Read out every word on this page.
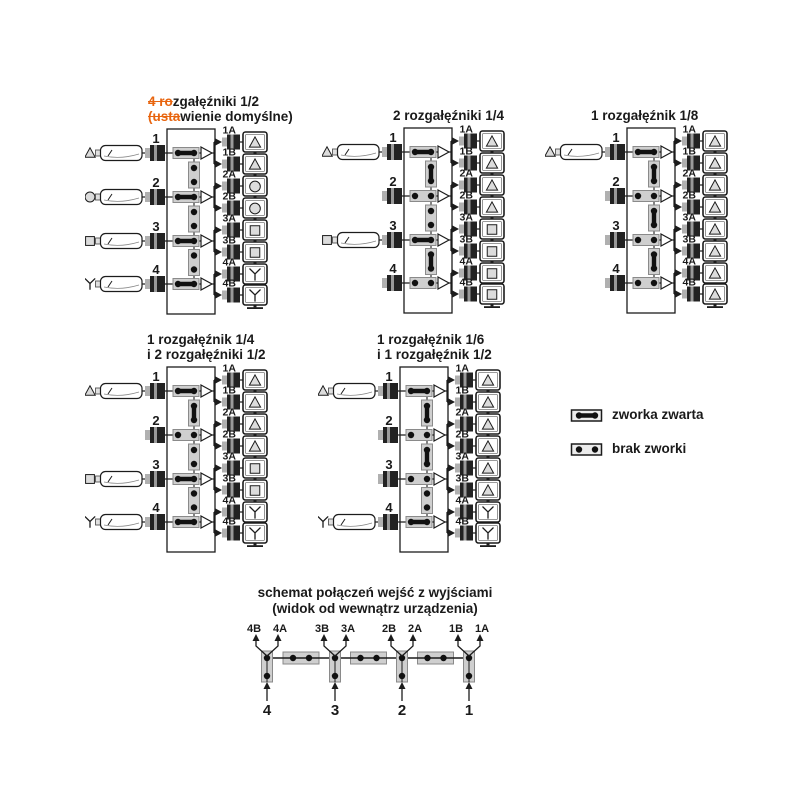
4 rozgałęźniki 1/2
(ustawienie domyślne)
1
2
3
4
1A
1B
2A
2B
3A
3B
4A
4B
2 rozgałęźniki 1/4
1
2
3
4
1A
1B
2A
2B
3A
3B
4A
4B
1 rozgałęźnik 1/8
1
2
3
4
1A
1B
2A
2B
3A
3B
4A
4B
1 rozgałęźnik 1/4
i 2 rozgałęźniki 1/2
1
2
3
4
1A
1B
2A
2B
3A
3B
4A
4B
1 rozgałęźnik 1/6
i 1 rozgałęźnik 1/2
1
2
3
4
1A
1B
2A
2B
3A
3B
4A
4B
zworka zwarta
brak zworki
schemat połączeń wejść z wyjściami
(widok od wewnątrz urządzenia)
4B 4A
4
3B 3A
3
2B 2A
2
1B 1A
1
